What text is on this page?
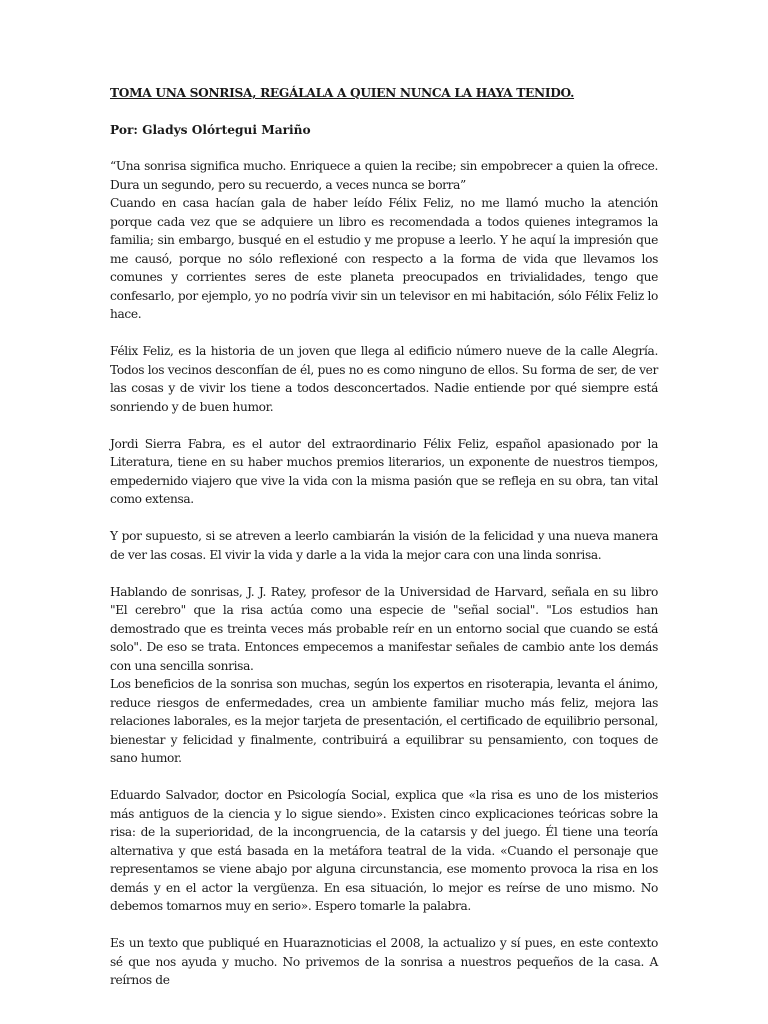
TOMA UNA SONRISA, REGÁLALA A QUIEN NUNCA LA HAYA TENIDO.
Por: Gladys Olórtegui Mariño
“Una sonrisa significa mucho. Enriquece a quien la recibe; sin empobrecer a quien la ofrece. Dura un segundo, pero su recuerdo, a veces nunca se borra”
Cuando en casa hacían gala de haber leído Félix Feliz, no me llamó mucho la atención porque cada vez que se adquiere un libro es recomendada a todos quienes integramos la familia; sin embargo, busqué en el estudio y me propuse a leerlo. Y he aquí la impresión que me causó, porque no sólo reflexioné con respecto a la forma de vida que llevamos los comunes y corrientes seres de este planeta preocupados en trivialidades, tengo que confesarlo, por ejemplo, yo no podría vivir sin un televisor en mi habitación, sólo Félix Feliz lo hace.
Félix Feliz, es la historia de un joven que llega al edificio número nueve de la calle Alegría. Todos los vecinos desconfían de él, pues no es como ninguno de ellos. Su forma de ser, de ver las cosas y de vivir los tiene a todos desconcertados. Nadie entiende por qué siempre está sonriendo y de buen humor.
Jordi Sierra Fabra, es el autor del extraordinario Félix Feliz, español apasionado por la Literatura, tiene en su haber muchos premios literarios, un exponente de nuestros tiempos, empedernido viajero que vive la vida con la misma pasión que se refleja en su obra, tan vital como extensa.
Y por supuesto, si se atreven a leerlo cambiarán la visión de la felicidad y una nueva manera de ver las cosas. El vivir la vida y darle a la vida la mejor cara con una linda sonrisa.
Hablando de sonrisas, J. J. Ratey, profesor de la Universidad de Harvard, señala en su libro "El cerebro" que la risa actúa como una especie de "señal social". "Los estudios han demostrado que es treinta veces más probable reír en un entorno social que cuando se está solo". De eso se trata. Entonces empecemos a manifestar señales de cambio ante los demás con una sencilla sonrisa.
Los beneficios de la sonrisa son muchas, según los expertos en risoterapia, levanta el ánimo, reduce riesgos de enfermedades, crea un ambiente familiar mucho más feliz, mejora las relaciones laborales, es la mejor tarjeta de presentación, el certificado de equilibrio personal, bienestar y felicidad y finalmente, contribuirá a equilibrar su pensamiento, con toques de sano humor.
Eduardo Salvador, doctor en Psicología Social, explica que «la risa es uno de los misterios más antiguos de la ciencia y lo sigue siendo». Existen cinco explicaciones teóricas sobre la risa: de la superioridad, de la incongruencia, de la catarsis y del juego. Él tiene una teoría alternativa y que está basada en la metáfora teatral de la vida. «Cuando el personaje que representamos se viene abajo por alguna circunstancia, ese momento provoca la risa en los demás y en el actor la vergüenza. En esa situación, lo mejor es reírse de uno mismo. No debemos tomarnos muy en serio». Espero tomarle la palabra.
Es un texto que publiqué en Huaraznoticias el 2008, la actualizo y sí pues, en este contexto sé que nos ayuda y mucho. No privemos de la sonrisa a nuestros pequeños de la casa. A reírnos de
